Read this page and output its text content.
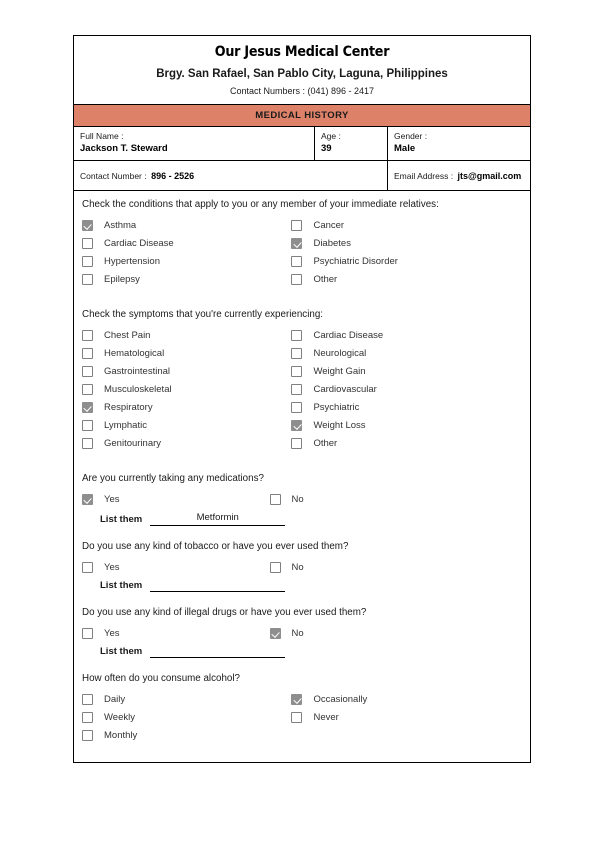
Our Jesus Medical Center
Brgy. San Rafael, San Pablo City, Laguna, Philippines
Contact Numbers : (041) 896 - 2417
MEDICAL HISTORY
Full Name :
Jackson T. Steward

Age :
39

Gender :
Male

Contact Number : 896 - 2526		Email Address : jts@gmail.com
Check the conditions that apply to you or any member of your immediate relatives:
Asthma
Cardiac Disease
Hypertension
Epilepsy

Cancer
Diabetes
Psychiatric Disorder
Other
Check the symptoms that you're currently experiencing:
Chest Pain
Hematological
Gastrointestinal
Musculoskeletal
Respiratory
Lymphatic
Genitourinary

Cardiac Disease
Neurological
Weight Gain
Cardiovascular
Psychiatric
Weight Loss
Other
Are you currently taking any medications?
Yes	No
List them	Metformin
Do you use any kind of tobacco or have you ever used them?
Yes	No
List them
Do you use any kind of illegal drugs or have you ever used them?
Yes	No
List them
How often do you consume alcohol?
Daily
Weekly
Monthly

Occasionally
Never
